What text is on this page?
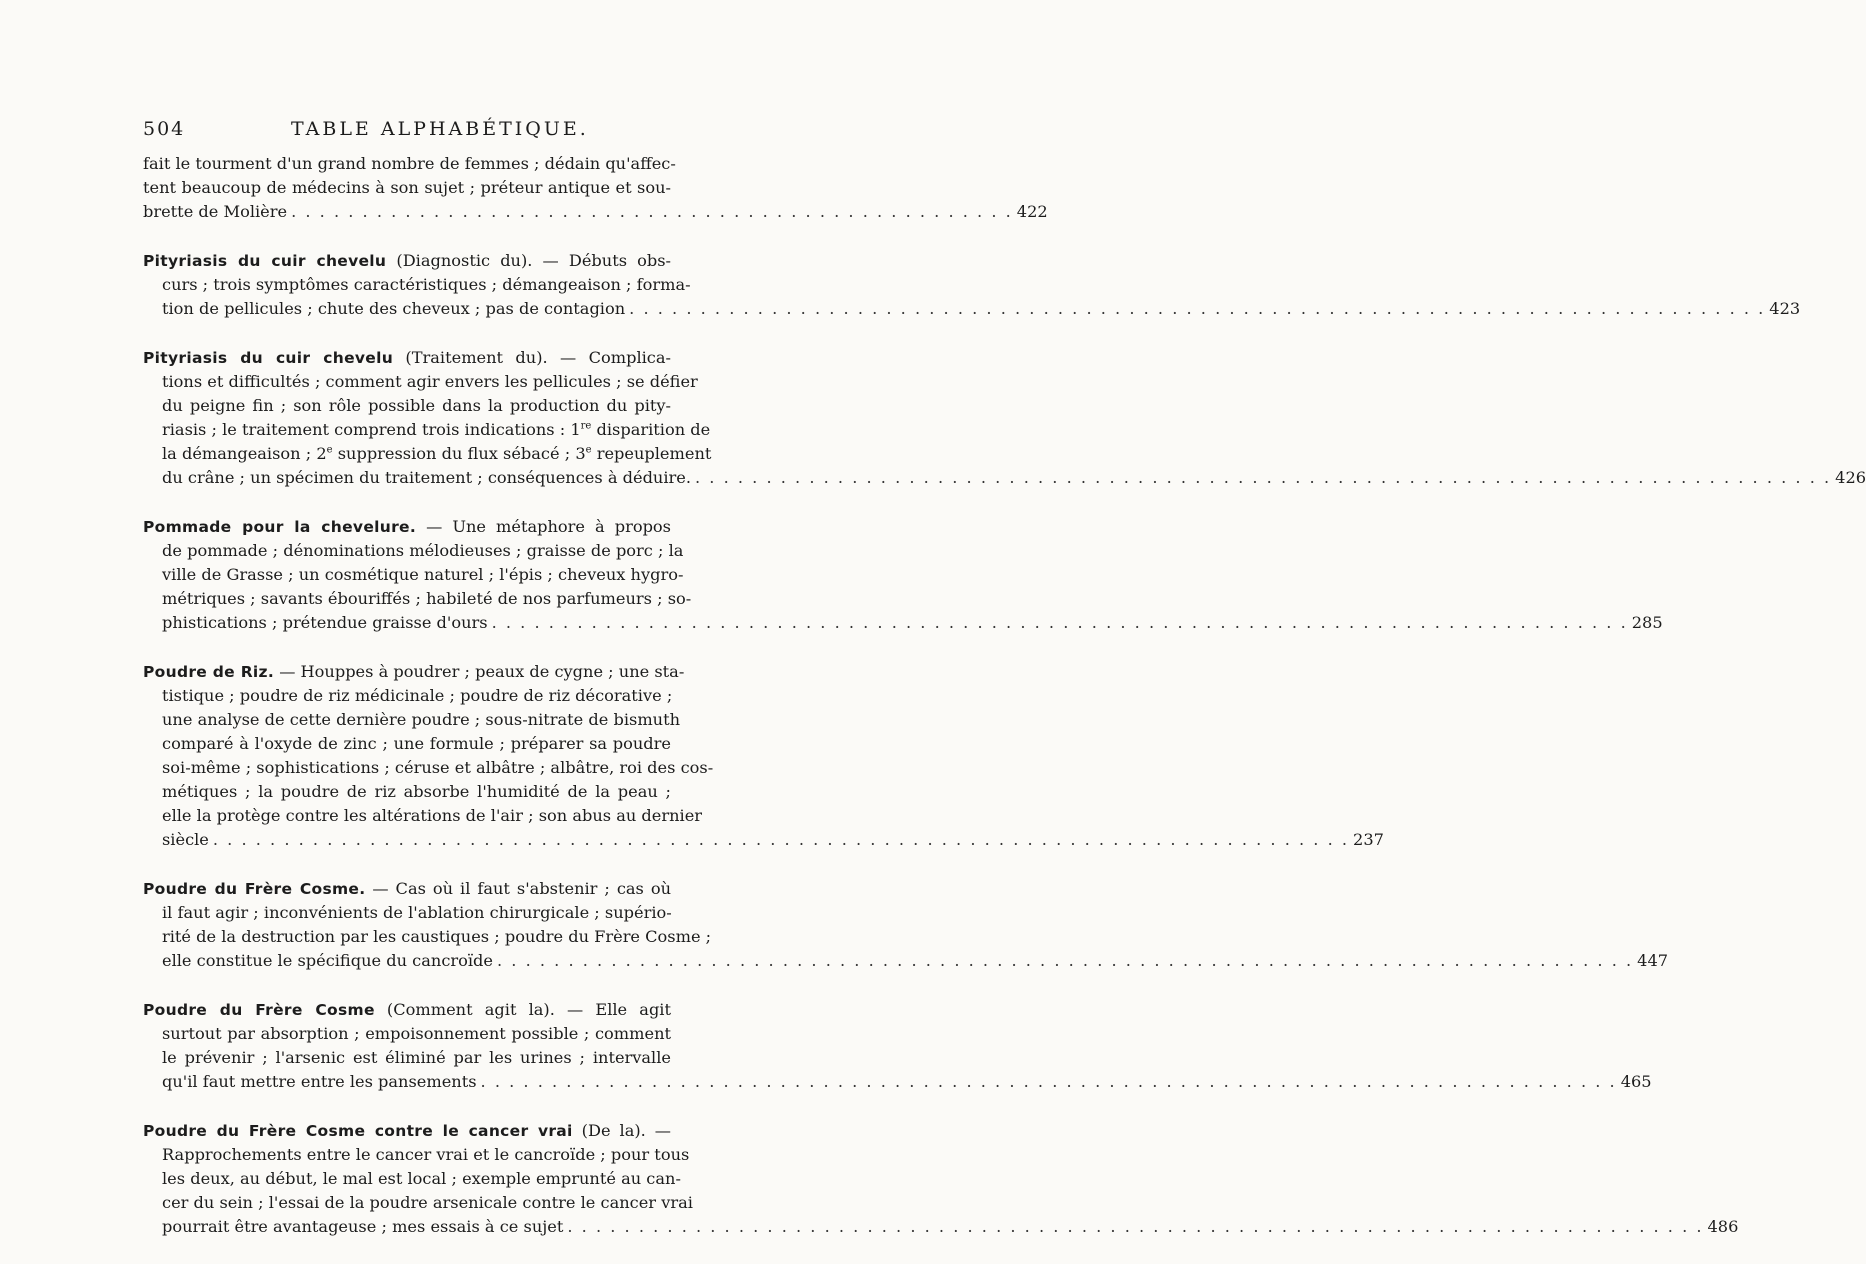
504	TABLE ALPHABÉTIQUE.
fait le tourment d'un grand nombre de femmes ; dédain qu'affec-
tent beaucoup de médecins à son sujet ; préteur antique et sou-
brette de Molière . . . . . . . . . . . . . . . . . . . . . . . . . . . . . . . . . . . . . . . . . . . . . . . . . . . 422
Pityriasis du cuir chevelu (Diagnostic du). — Débuts obs-
curs ; trois symptômes caractéristiques ; démangeaison ; forma-
tion de pellicules ; chute des cheveux ; pas de contagion . . . . . . . . . . . . . . . . . . . . . . . . . . . . . . . . . . . . . . . . . . . . . . . . . . . . . . . . . . . . . . . . . . . . . . . . . . . . . . . . 423
Pityriasis du cuir chevelu (Traitement du). — Complica-
tions et difficultés ; comment agir envers les pellicules ; se défier
du peigne fin ; son rôle possible dans la production du pity-
riasis ; le traitement comprend trois indications : 1re disparition de
la démangeaison ; 2e suppression du flux sébacé ; 3e repeuplement
du crâne ; un spécimen du traitement ; conséquences à déduire. . . . . . . . . . . . . . . . . . . . . . . . . . . . . . . . . . . . . . . . . . . . . . . . . . . . . . . . . . . . . . . . . . . . . . . . . . . . . . . . . 426
Pommade pour la chevelure. — Une métaphore à propos
de pommade ; dénominations mélodieuses ; graisse de porc ; la
ville de Grasse ; un cosmétique naturel ; l'épis ; cheveux hygro-
métriques ; savants ébouriffés ; habileté de nos parfumeurs ; so-
phistications ; prétendue graisse d'ours . . . . . . . . . . . . . . . . . . . . . . . . . . . . . . . . . . . . . . . . . . . . . . . . . . . . . . . . . . . . . . . . . . . . . . . . . . . . . . . . 285
Poudre de Riz. — Houppes à poudrer ; peaux de cygne ; une sta-
tistique ; poudre de riz médicinale ; poudre de riz décorative ;
une analyse de cette dernière poudre ; sous-nitrate de bismuth
comparé à l'oxyde de zinc ; une formule ; préparer sa poudre
soi-même ; sophistications ; céruse et albâtre ; albâtre, roi des cos-
métiques ; la poudre de riz absorbe l'humidité de la peau ;
elle la protège contre les altérations de l'air ; son abus au dernier
siècle . . . . . . . . . . . . . . . . . . . . . . . . . . . . . . . . . . . . . . . . . . . . . . . . . . . . . . . . . . . . . . . . . . . . . . . . . . . . . . . . 237
Poudre du Frère Cosme. — Cas où il faut s'abstenir ; cas où
il faut agir ; inconvénients de l'ablation chirurgicale ; supério-
rité de la destruction par les caustiques ; poudre du Frère Cosme ;
elle constitue le spécifique du cancroïde . . . . . . . . . . . . . . . . . . . . . . . . . . . . . . . . . . . . . . . . . . . . . . . . . . . . . . . . . . . . . . . . . . . . . . . . . . . . . . . . 447
Poudre du Frère Cosme (Comment agit la). — Elle agit
surtout par absorption ; empoisonnement possible ; comment
le prévenir ; l'arsenic est éliminé par les urines ; intervalle
qu'il faut mettre entre les pansements . . . . . . . . . . . . . . . . . . . . . . . . . . . . . . . . . . . . . . . . . . . . . . . . . . . . . . . . . . . . . . . . . . . . . . . . . . . . . . . . 465
Poudre du Frère Cosme contre le cancer vrai (De la). —
Rapprochements entre le cancer vrai et le cancroïde ; pour tous
les deux, au début, le mal est local ; exemple emprunté au can-
cer du sein ; l'essai de la poudre arsenicale contre le cancer vrai
pourrait être avantageuse ; mes essais à ce sujet . . . . . . . . . . . . . . . . . . . . . . . . . . . . . . . . . . . . . . . . . . . . . . . . . . . . . . . . . . . . . . . . . . . . . . . . . . . . . . . . 486
